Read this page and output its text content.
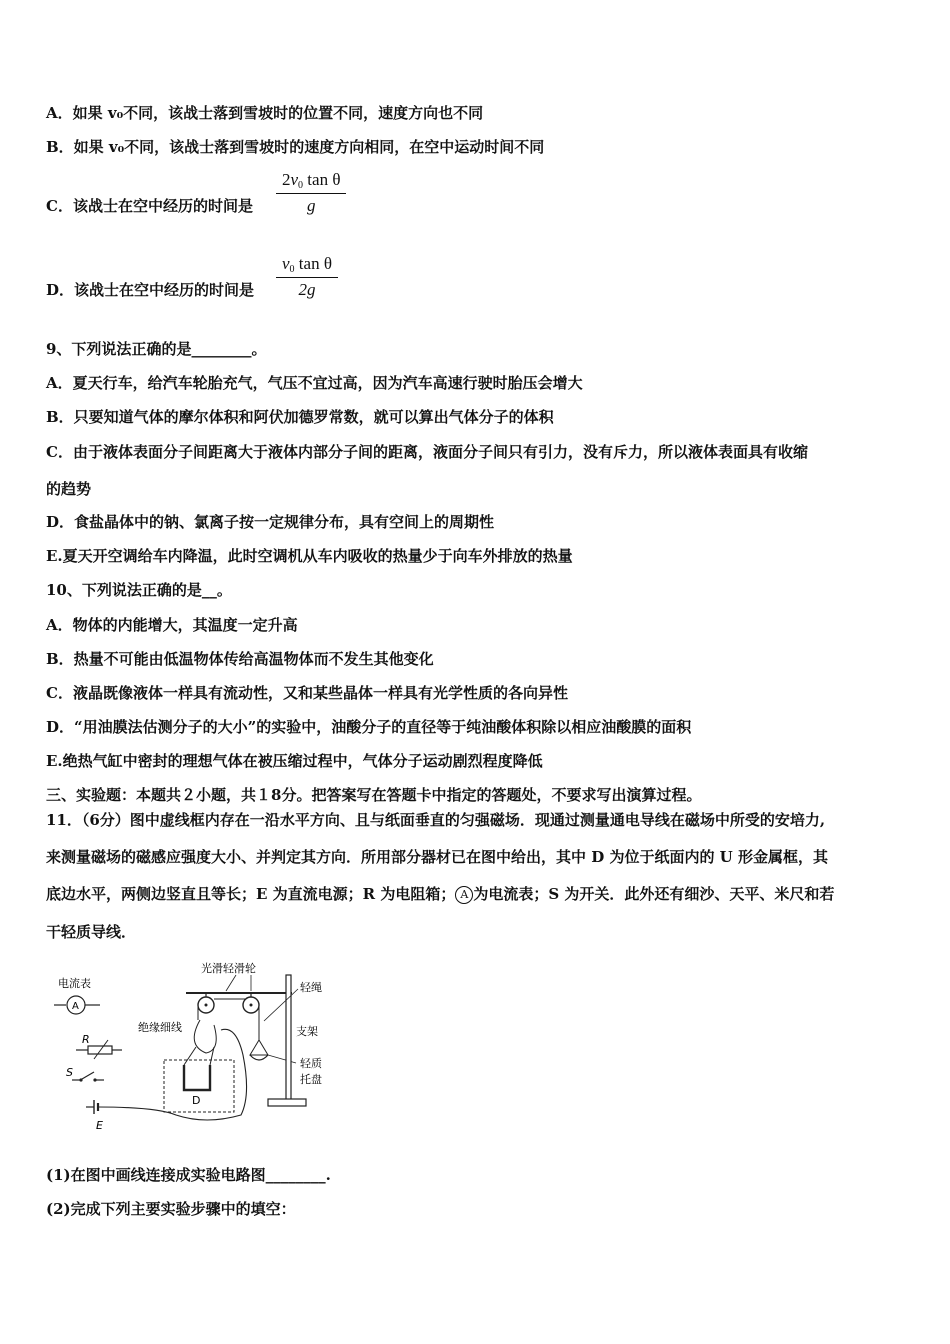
A．如果 v₀不同，该战士落到雪坡时的位置不同，速度方向也不同
B．如果 v₀不同，该战士落到雪坡时的速度方向相同，在空中运动时间不同
C．该战士在空中经历的时间是 $\frac{2v_0 \tan \theta}{g}$
D．该战士在空中经历的时间是 $\frac{v_0 \tan \theta}{2g}$
9、下列说法正确的是________。
A．夏天行车，给汽车轮胎充气，气压不宜过高，因为汽车高速行驶时胎压会增大
B．只要知道气体的摩尔体积和阿伏加德罗常数，就可以算出气体分子的体积
C．由于液体表面分子间距离大于液体内部分子间的距离，液面分子间只有引力，没有斥力，所以液体表面具有收缩
的趋势
D．食盐晶体中的钠、氯离子按一定规律分布，具有空间上的周期性
E.夏天开空调给车内降温，此时空调机从车内吸收的热量少于向车外排放的热量
10、下列说法正确的是__。
A．物体的内能增大，其温度一定升高
B．热量不可能由低温物体传给高温物体而不发生其他变化
C．液晶既像液体一样具有流动性，又和某些晶体一样具有光学性质的各向异性
D．“用油膜法估测分子的大小”的实验中，油酸分子的直径等于纯油酸体积除以相应油酸膜的面积
E.绝热气缸中密封的理想气体在被压缩过程中，气体分子运动剧烈程度降低
三、实验题：本题共２小题，共１8分。把答案写在答题卡中指定的答题处，不要求写出演算过程。
11．（6分）图中虚线框内存在一沿水平方向、且与纸面垂直的匀强磁场．现通过测量通电导线在磁场中所受的安培力,
来测量磁场的磁感应强度大小、并判定其方向．所用部分器材已在图中给出，其中 D 为位于纸面内的 U 形金属框，其
底边水平，两侧边竖直且等长；E 为直流电源；R 为电阻箱； A 为电流表；S 为开关．此外还有细沙、天平、米尺和若
干轻质导线．
电流表
A
R
S
E
D
绝缘细线
光滑轻滑轮
轻质
托盘
轻绳
支架
(1)在图中画线连接成实验电路图________.
(2)完成下列主要实验步骤中的填空：
